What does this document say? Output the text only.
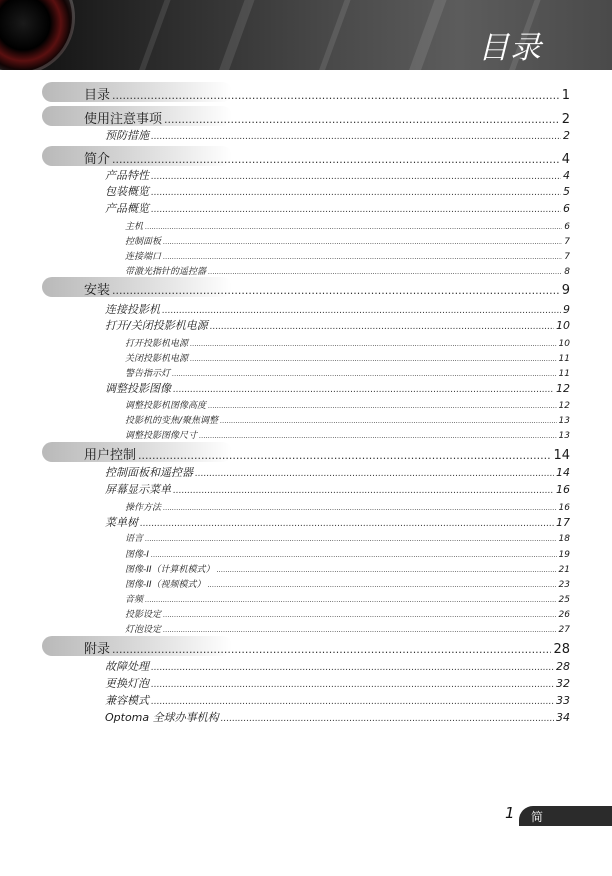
目录
目录 .....	1
使用注意事项 .....	2
预防措施 .....	2
简介 .....	4
产品特性 .....	4
包装概览 .....	5
产品概览 .....	6
主机 .....	6
控制面板 .....	7
连接端口 .....	7
带激光指针的遥控器 .....	8
安装 .....	9
连接投影机 .....	9
打开/关闭投影机电源 .....	10
打开投影机电源 .....	10
关闭投影机电源 .....	11
警告指示灯 .....	11
调整投影图像 .....	12
调整投影机图像高度 .....	12
投影机的变焦/聚焦调整 .....	13
调整投影图像尺寸 .....	13
用户控制 .....	14
控制面板和遥控器 .....	14
屏幕显示菜单 .....	16
操作方法 .....	16
菜单树 .....	17
语言 .....	18
图像-I .....	19
图像-II（计算机模式） .....	21
图像-II（视频模式） .....	23
音频 .....	25
投影设定 .....	26
灯泡设定 .....	27
附录 .....	28
故障处理 .....	28
更换灯泡 .....	32
兼容模式 .....	33
Optoma 全球办事机构 .....	34
1 简体中文
